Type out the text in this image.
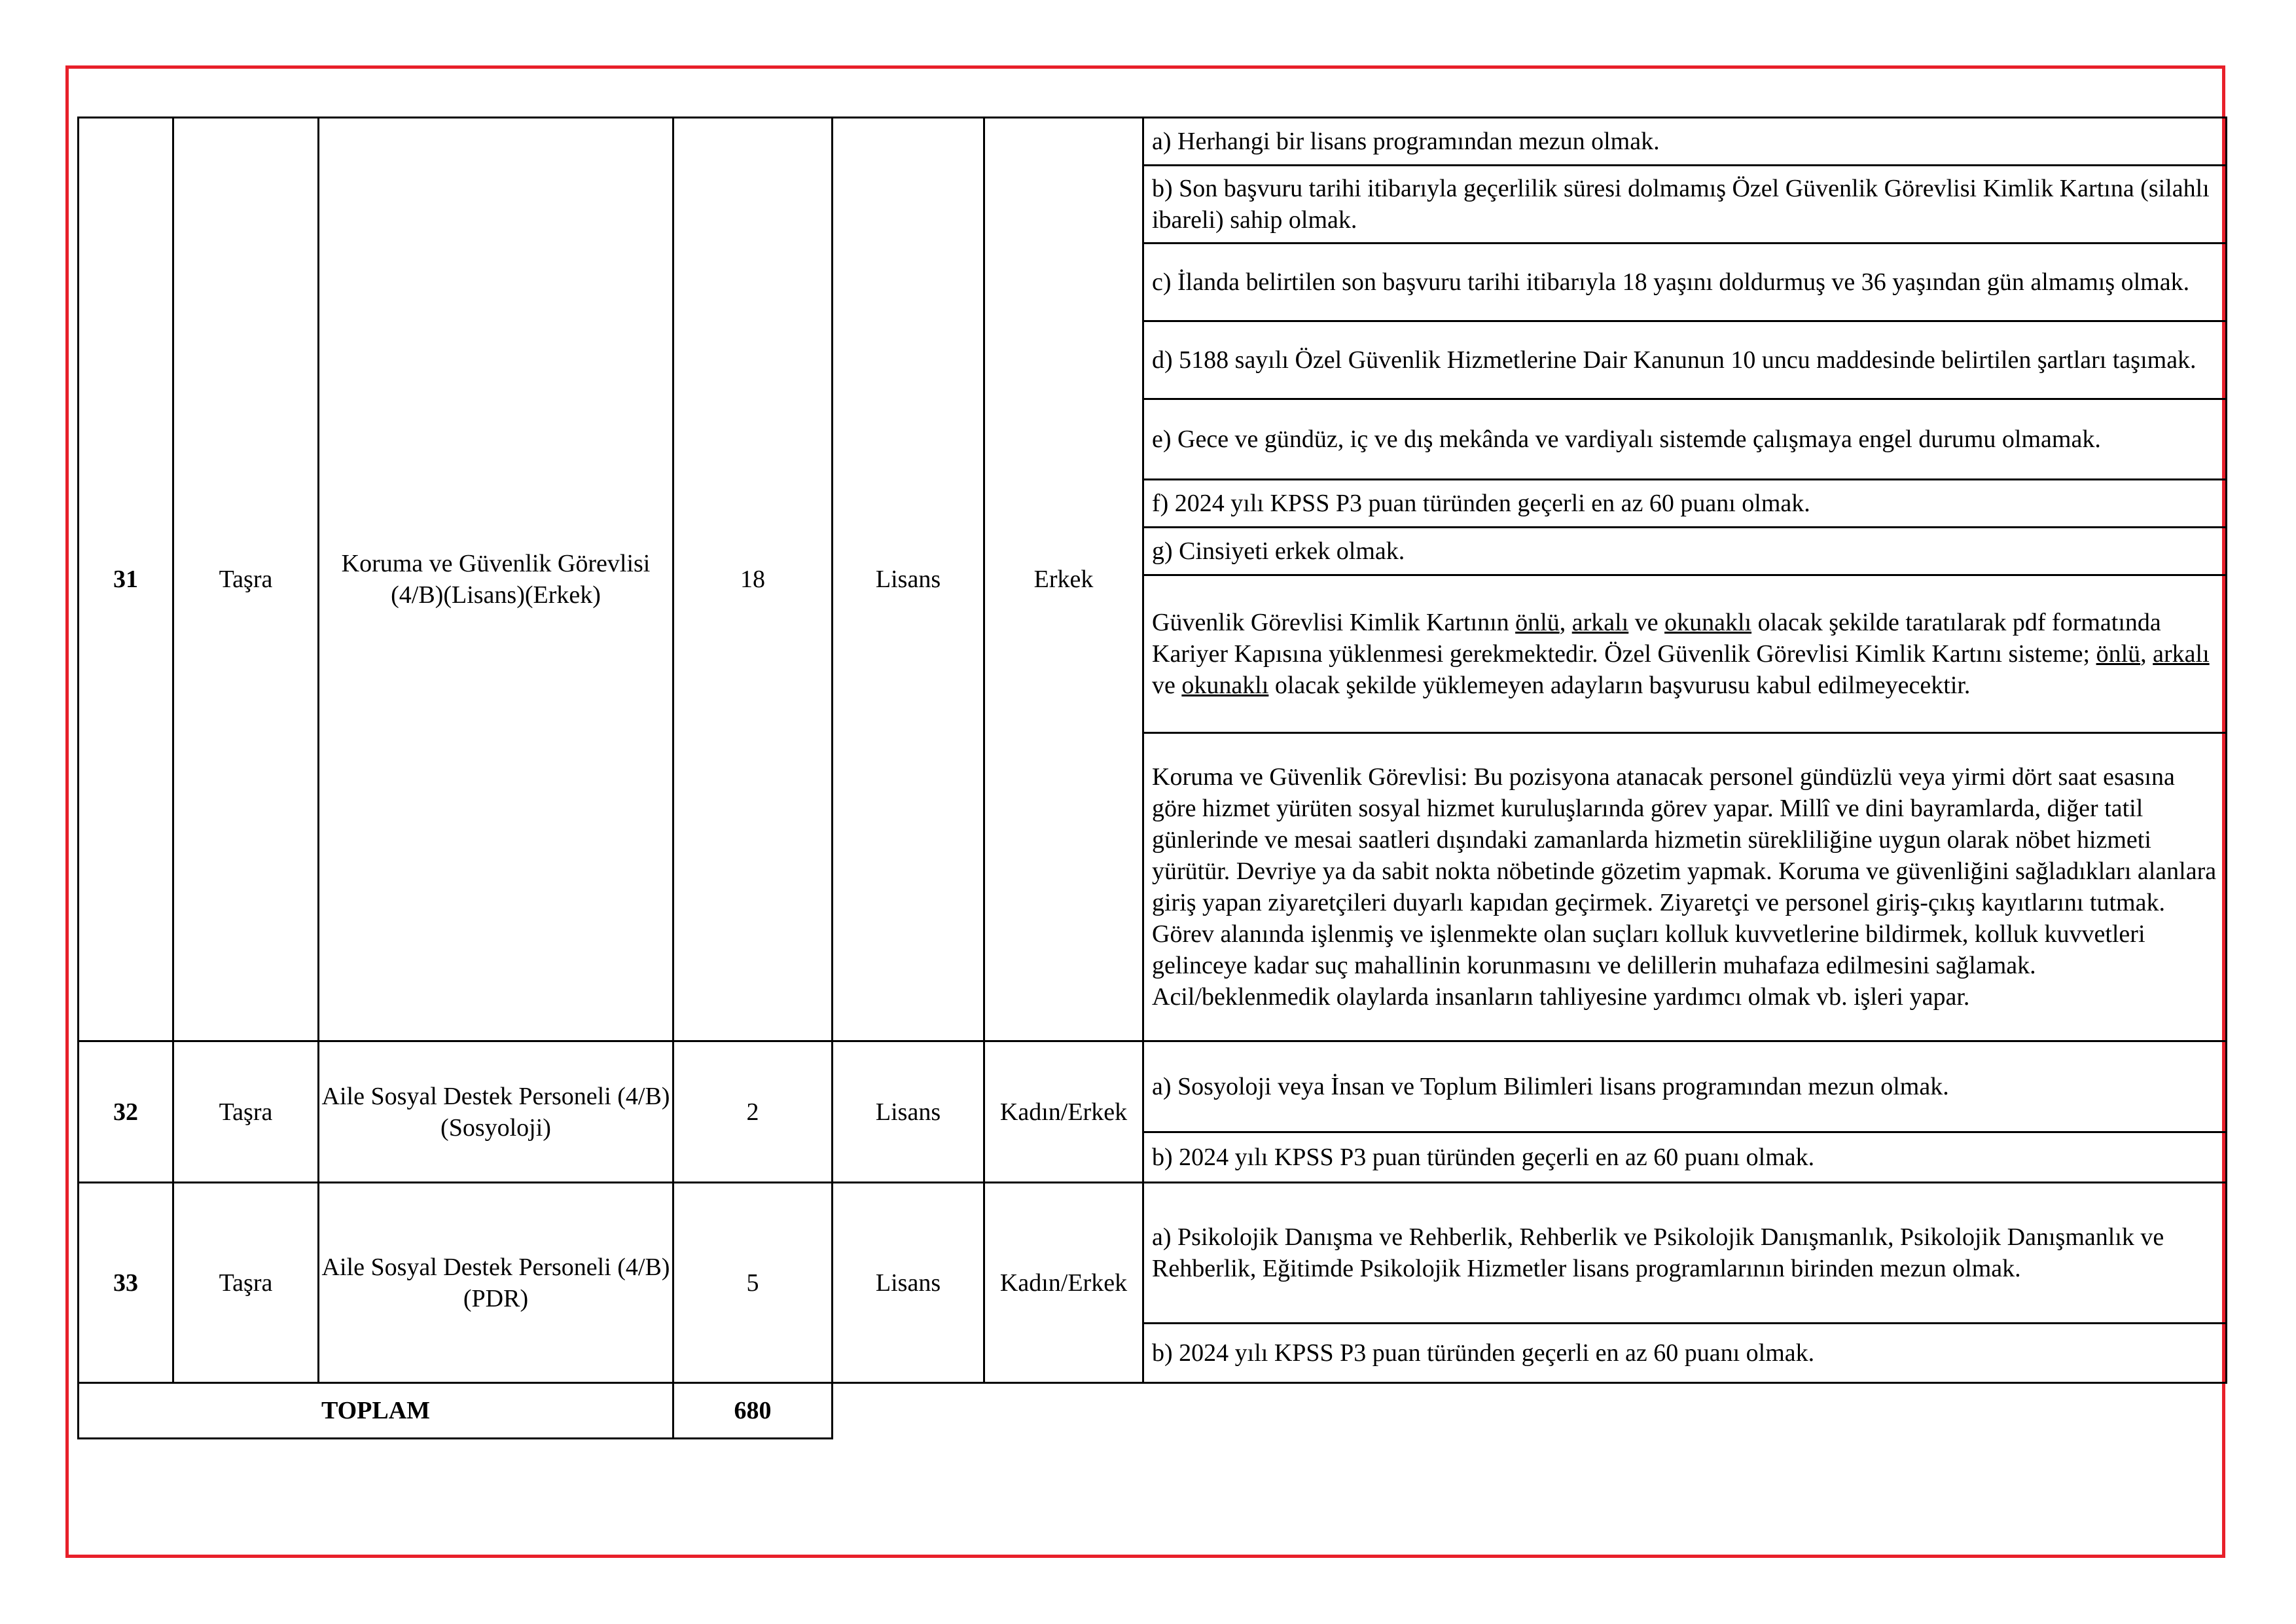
31	Taşra	Koruma ve Güvenlik Görevlisi (4/B)(Lisans)(Erkek)	18	Lisans	Erkek	a) Herhangi bir lisans programından mezun olmak.
						b) Son başvuru tarihi itibarıyla geçerlilik süresi dolmamış Özel Güvenlik Görevlisi Kimlik Kartına (silahlı ibareli) sahip olmak.
						c) İlanda belirtilen son başvuru tarihi itibarıyla 18 yaşını doldurmuş ve 36 yaşından gün almamış olmak.
						d) 5188 sayılı Özel Güvenlik Hizmetlerine Dair Kanunun 10 uncu maddesinde belirtilen şartları taşımak.
						e) Gece ve gündüz, iç ve dış mekânda ve vardiyalı sistemde çalışmaya engel durumu olmamak.
						f) 2024 yılı KPSS P3 puan türünden geçerli en az 60 puanı olmak.
						g) Cinsiyeti erkek olmak.
						Güvenlik Görevlisi Kimlik Kartının önlü, arkalı ve okunaklı olacak şekilde taratılarak pdf formatında Kariyer Kapısına yüklenmesi gerekmektedir. Özel Güvenlik Görevlisi Kimlik Kartını sisteme; önlü, arkalı ve okunaklı olacak şekilde yüklemeyen adayların başvurusu kabul edilmeyecektir.
						Koruma ve Güvenlik Görevlisi: Bu pozisyona atanacak personel gündüzlü veya yirmi dört saat esasına göre hizmet yürüten sosyal hizmet kuruluşlarında görev yapar. Millî ve dini bayramlarda, diğer tatil günlerinde ve mesai saatleri dışındaki zamanlarda hizmetin sürekliliğine uygun olarak nöbet hizmeti yürütür. Devriye ya da sabit nokta nöbetinde gözetim yapmak. Koruma ve güvenliğini sağladıkları alanlara giriş yapan ziyaretçileri duyarlı kapıdan geçirmek. Ziyaretçi ve personel giriş-çıkış kayıtlarını tutmak. Görev alanında işlenmiş ve işlenmekte olan suçları kolluk kuvvetlerine bildirmek, kolluk kuvvetleri gelinceye kadar suç mahallinin korunmasını ve delillerin muhafaza edilmesini sağlamak. Acil/beklenmedik olaylarda insanların tahliyesine yardımcı olmak vb. işleri yapar.
32	Taşra	Aile Sosyal Destek Personeli (4/B)(Sosyoloji)	2	Lisans	Kadın/Erkek	a) Sosyoloji veya İnsan ve Toplum Bilimleri lisans programından mezun olmak.
						b) 2024 yılı KPSS P3 puan türünden geçerli en az 60 puanı olmak.
33	Taşra	Aile Sosyal Destek Personeli (4/B)(PDR)	5	Lisans	Kadın/Erkek	a) Psikolojik Danışma ve Rehberlik, Rehberlik ve Psikolojik Danışmanlık, Psikolojik Danışmanlık ve Rehberlik, Eğitimde Psikolojik Hizmetler lisans programlarının birinden mezun olmak.
						b) 2024 yılı KPSS P3 puan türünden geçerli en az 60 puanı olmak.
TOPLAM			680			
